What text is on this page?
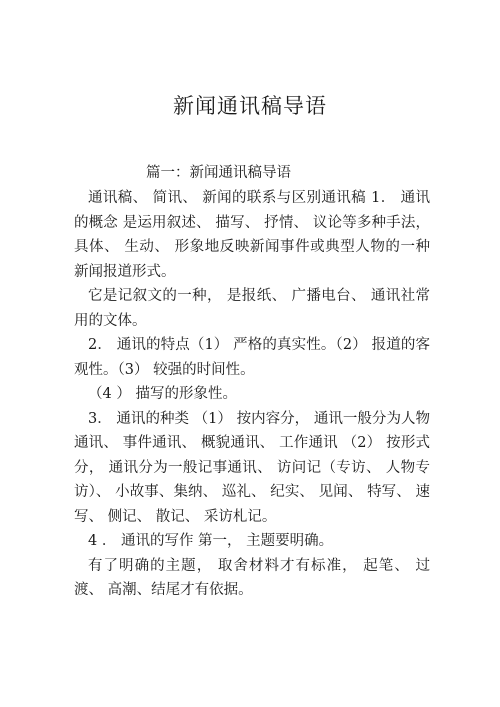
新闻通讯稿导语
篇一：新闻通讯稿导语

通讯稿、 简讯、 新闻的联系与区别通讯稿 1． 通讯的概念 是运用叙述、 描写、 抒情、 议论等多种手法， 具体、 生动、 形象地反映新闻事件或典型人物的一种新闻报道形式。

它是记叙文的一种， 是报纸、 广播电台、 通讯社常用的文体。

2． 通讯的特点（1） 严格的真实性。（2） 报道的客观性。（3） 较强的时间性。

（4 ） 描写的形象性。

3． 通讯的种类 （1） 按内容分， 通讯一般分为人物通讯、 事件通讯、 概貌通讯、 工作通讯 （2） 按形式分， 通讯分为一般记事通讯、 访问记（专访、 人物专访）、 小故事、集纳、 巡礼、 纪实、 见闻、 特写、 速写、 侧记、 散记、 采访札记。

4 ． 通讯的写作 第一， 主题要明确。

有了明确的主题， 取舍材料才有标准， 起笔、 过渡、 高潮、结尾才有依据。
